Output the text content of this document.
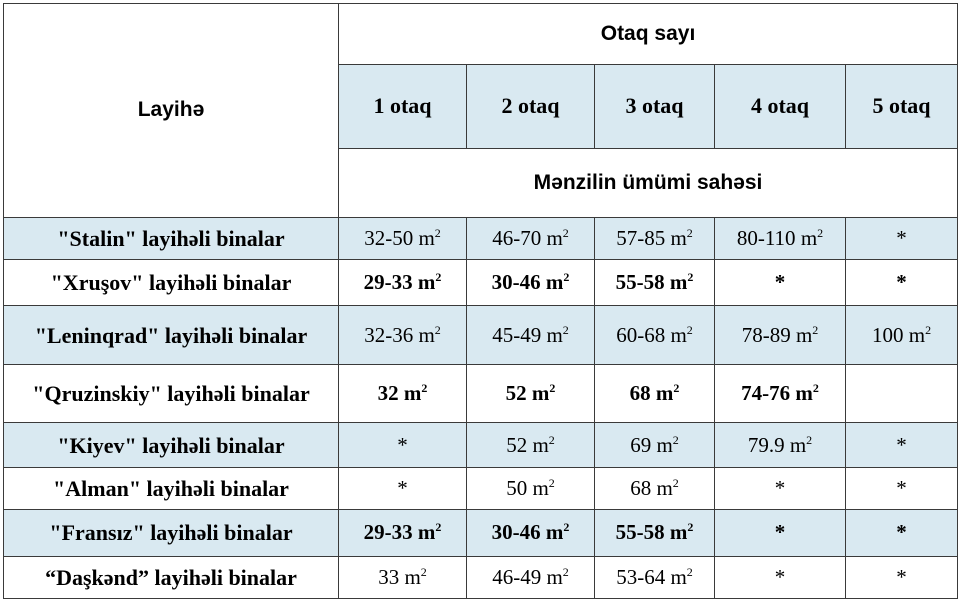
Layihə	Otaq sayı				
	1 otaq	2 otaq	3 otaq	4 otaq	5 otaq
	Mənzilin ümümi sahəsi				
"Stalin" layihəli binalar	32-50 $m^2$	46-70 $m^2$	57-85 $m^2$	80-110 $m^2$	*
"Xruşov" layihəli binalar	29-33 $m^2$	30-46 $m^2$	55-58 $m^2$	*	*
"Leninqrad" layihəli binalar	32-36 $m^2$	45-49 $m^2$	60-68 $m^2$	78-89 $m^2$	100 $m^2$
"Qruzinskiy" layihəli binalar	32 $m^2$	52 $m^2$	68 $m^2$	74-76 $m^2$	
"Kiyev" layihəli binalar	*	52 $m^2$	69 $m^2$	79.9 $m^2$	*
"Alman" layihəli binalar	*	50 $m^2$	68 $m^2$	*	*
"Fransız" layihəli binalar	29-33 $m^2$	30-46 $m^2$	55-58 $m^2$	*	*
“Daşkənd” layihəli binalar	33 $m^2$	46-49 $m^2$	53-64 $m^2$	*	*
